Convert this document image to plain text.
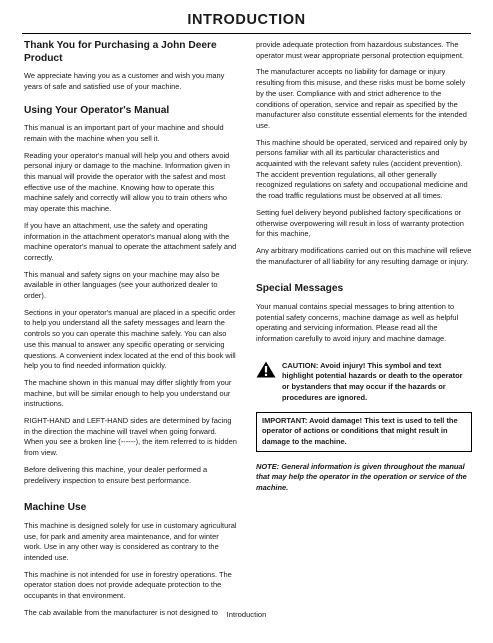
INTRODUCTION
Thank You for Purchasing a John Deere Product

We appreciate having you as a customer and wish you many years of safe and satisfied use of your machine.

Using Your Operator's Manual

This manual is an important part of your machine and should remain with the machine when you sell it.

Reading your operator's manual will help you and others avoid personal injury or damage to the machine. Information given in this manual will provide the operator with the safest and most effective use of the machine. Knowing how to operate this machine safely and correctly will allow you to train others who may operate this machine.

If you have an attachment, use the safety and operating information in the attachment operator's manual along with the machine operator's manual to operate the attachment safely and correctly.

This manual and safety signs on your machine may also be available in other languages (see your authorized dealer to order).

Sections in your operator's manual are placed in a specific order to help you understand all the safety messages and learn the controls so you can operate this machine safely. You can also use this manual to answer any specific operating or servicing questions. A convenient index located at the end of this book will help you to find needed information quickly.

The machine shown in this manual may differ slightly from your machine, but will be similar enough to help you understand our instructions.

RIGHT-HAND and LEFT-HAND sides are determined by facing in the direction the machine will travel when going forward. When you see a broken line (------), the item referred to is hidden from view.

Before delivering this machine, your dealer performed a predelivery inspection to ensure best performance.

Machine Use

This machine is designed solely for use in customary agricultural use, for park and amenity area maintenance, and for winter work. Use in any other way is considered as contrary to the intended use.

This machine is not intended for use in forestry operations. The operator station does not provide adequate protection to the occupants in that environment.

The cab available from the manufacturer is not designed to

provide adequate protection from hazardous substances. The operator must wear appropriate personal protection equipment.

The manufacturer accepts no liability for damage or injury resulting from this misuse, and these risks must be borne solely by the user. Compliance with and strict adherence to the conditions of operation, service and repair as specified by the manufacturer also constitute essential elements for the intended use.

This machine should be operated, serviced and repaired only by persons familiar with all its particular characteristics and acquainted with the relevant safety rules (accident prevention). The accident prevention regulations, all other generally recognized regulations on safety and occupational medicine and the road traffic regulations must be observed at all times.

Setting fuel delivery beyond published factory specifications or otherwise overpowering will result in loss of warranty protection for this machine,

Any arbitrary modifications carried out on this machine will relieve the manufacturer of all liability for any resulting damage or injury.

Special Messages

Your manual contains special messages to bring attention to potential safety concerns, machine damage as well as helpful operating and servicing information. Please read all the information carefully to avoid injury and machine damage.

CAUTION: Avoid injury! This symbol and text highlight potential hazards or death to the operator or bystanders that may occur if the hazards or procedures are ignored.
IMPORTANT: Avoid damage! This text is used to tell the operator of actions or conditions that might result in damage to the machine.

NOTE: General information is given throughout the manual that may help the operator in the operation or service of the machine.

Introduction
